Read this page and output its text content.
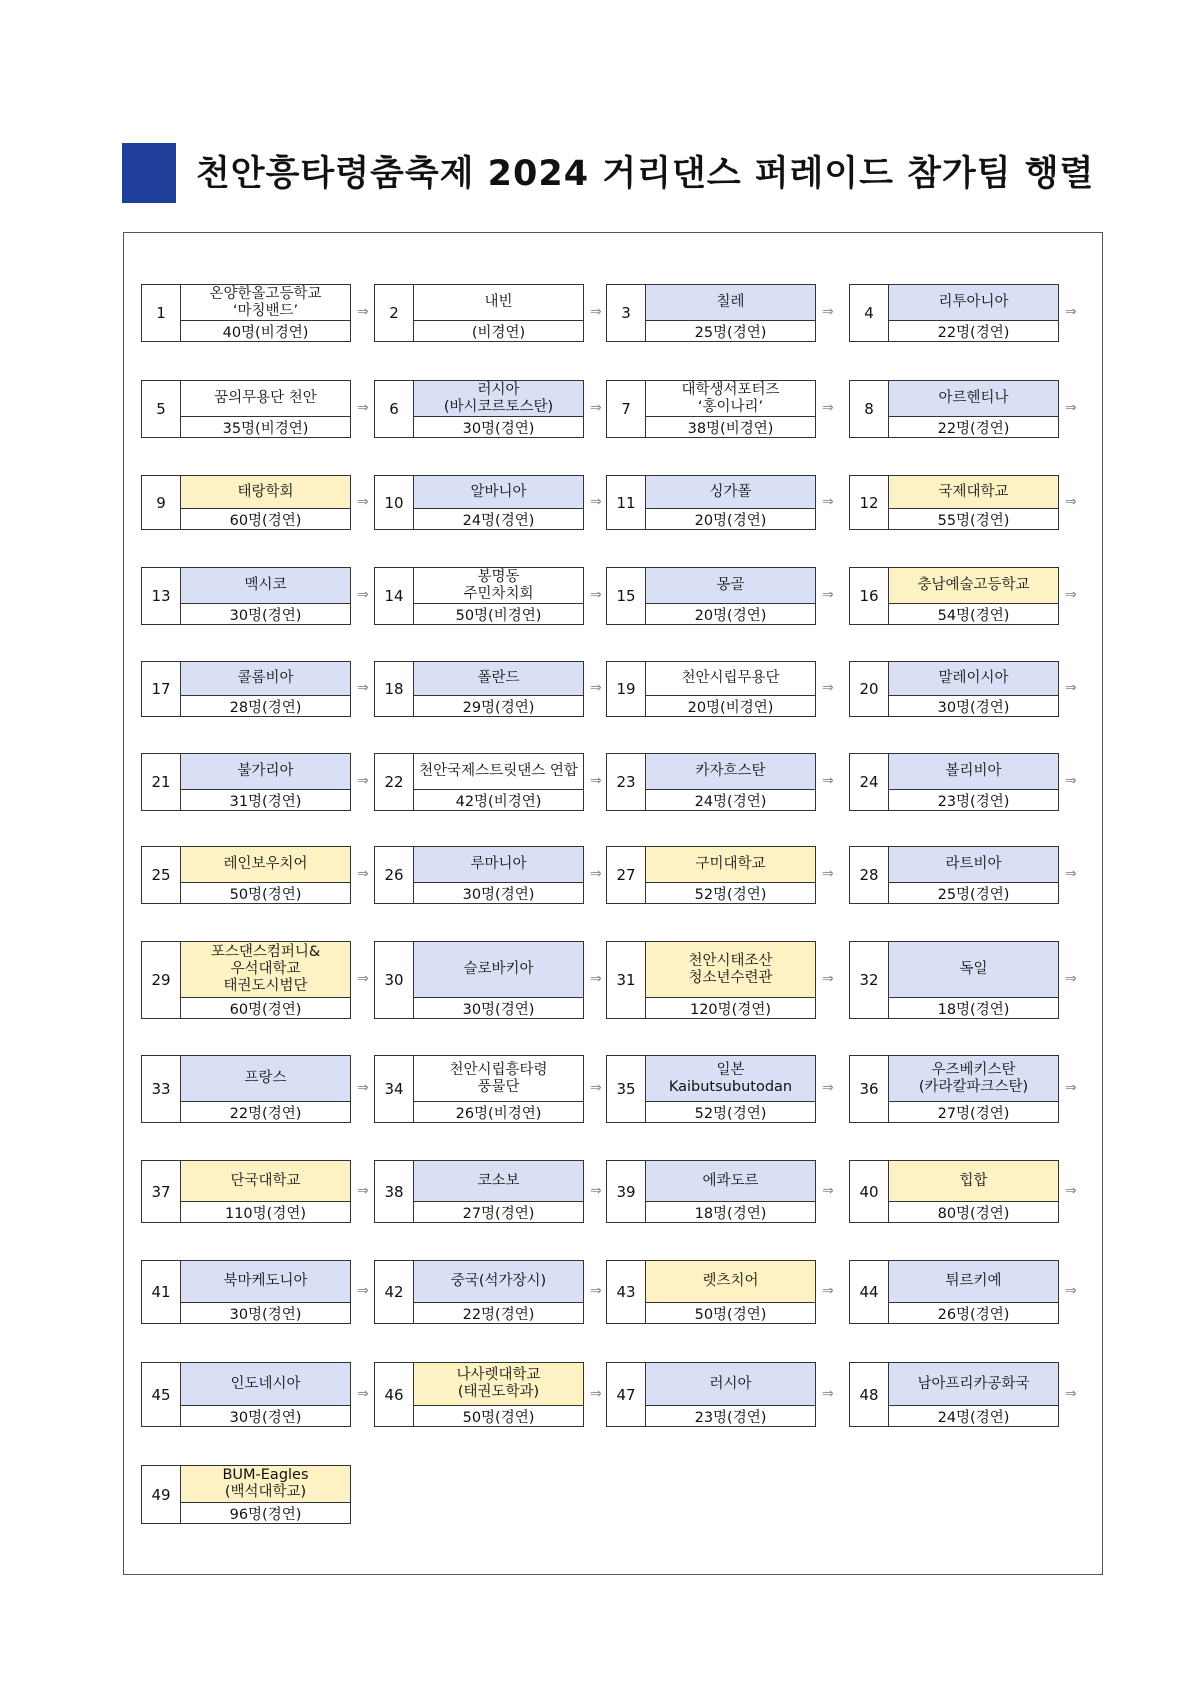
천안흥타령춤축제 2024 거리댄스 퍼레이드 참가팀 행렬
1
온양한올고등학교
‘마칭밴드’
40명(비경연)
⇒	2
내빈
(비경연)
⇒	3
칠레
25명(경연)
⇒	4
리투아니아
22명(경연)
⇒
5
꿈의무용단 천안
35명(비경연)
⇒	6
러시아
(바시코르토스탄)
30명(경연)
⇒	7
대학생서포터즈
‘홍이나리’
38명(비경연)
⇒	8
아르헨티나
22명(경연)
⇒
9
태랑학회
60명(경연)
⇒	10
알바니아
24명(경연)
⇒ 11
싱가폴
20명(경연)
⇒	12
국제대학교
55명(경연)
⇒
13
멕시코
30명(경연)
⇒	14
봉명동
주민차치회
50명(비경연)
⇒ 15
몽골
20명(경연)
⇒	16
충남예술고등학교
54명(경연)
⇒
17
콜롬비아
28명(경연)
⇒	18
폴란드
29명(경연)
⇒ 19
천안시립무용단
20명(비경연)
⇒	20
말레이시아
30명(경연)
⇒
21
불가리아
31명(경연)
⇒	22
천안국제스트릿댄스 연합
42명(비경연)
⇒ 23
카자흐스탄
24명(경연)
⇒	24
볼리비아
23명(경연)
⇒
25
레인보우치어
50명(경연)
⇒	26
루마니아
30명(경연)
⇒ 27
구미대학교
52명(경연)
⇒	28
라트비아
25명(경연)
⇒
29
포스댄스컴퍼니&
우석대학교
태권도시범단
60명(경연)
⇒	30
슬로바키아
30명(경연)
⇒ 31
천안시태조산
청소년수련관
120명(경연)
⇒	32
독일
18명(경연)
⇒
33
프랑스
22명(경연)
⇒	34
천안시립흥타령
풍물단
26명(비경연)
⇒ 35
일본
Kaibutsubutodan
52명(경연)
⇒	36
우즈베키스탄
(카라칼파크스탄)
27명(경연)
⇒
37
단국대학교
110명(경연)
⇒	38
코소보
27명(경연)
⇒ 39
에콰도르
18명(경연)
⇒	40
힙합
80명(경연)
⇒
41
북마케도니아
30명(경연)
⇒	42
중국(석가장시)
22명(경연)
⇒ 43
렛츠치어
50명(경연)
⇒	44
튀르키예
26명(경연)
⇒
45
인도네시아
30명(경연)
⇒	46
나사렛대학교
(태권도학과)
50명(경연)
⇒ 47
러시아
23명(경연)
⇒	48
남아프리카공화국
24명(경연)
⇒
49
BUM-Eagles
(백석대학교)
96명(경연)
